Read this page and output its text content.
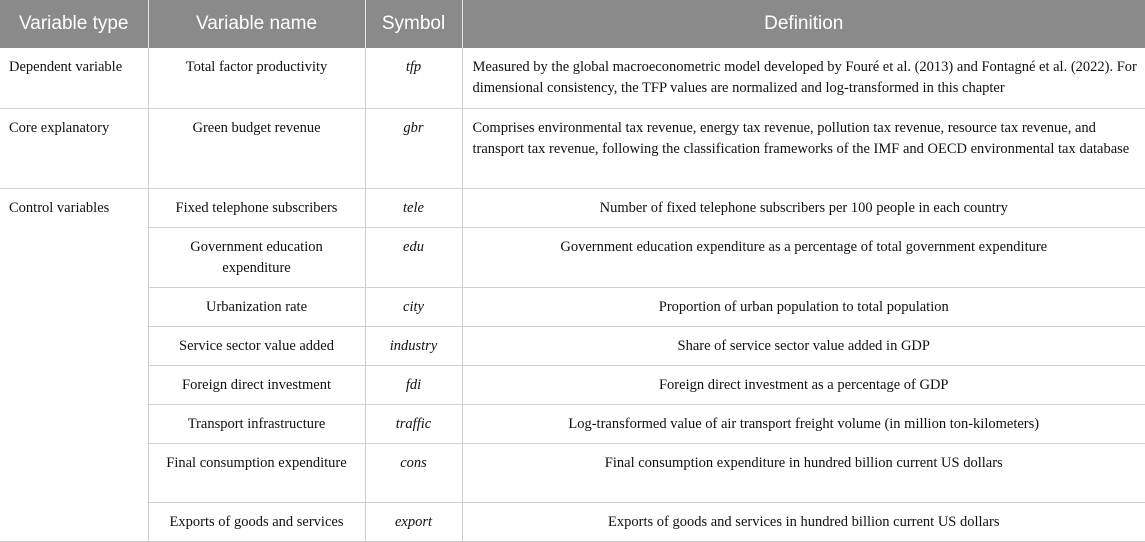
Variable type	Variable name	Symbol	Definition
Dependent variable	Total factor productivity	tfp	Measured by the global macroeconometric model developed by Fouré et al. (2013) and Fontagné et al. (2022). For dimensional consistency, the TFP values are normalized and log-transformed in this chapter
Core explanatory	Green budget revenue	gbr	Comprises environmental tax revenue, energy tax revenue, pollution tax revenue, resource tax revenue, and transport tax revenue, following the classification frameworks of the IMF and OECD environmental tax database
Control variables	Fixed telephone subscribers	tele	Number of fixed telephone subscribers per 100 people in each country
	Government education expenditure	edu	Government education expenditure as a percentage of total government expenditure
	Urbanization rate	city	Proportion of urban population to total population
	Service sector value added	industry	Share of service sector value added in GDP
	Foreign direct investment	fdi	Foreign direct investment as a percentage of GDP
	Transport infrastructure	traffic	Log-transformed value of air transport freight volume (in million ton-kilometers)
	Final consumption expenditure	cons	Final consumption expenditure in hundred billion current US dollars
	Exports of goods and services	export	Exports of goods and services in hundred billion current US dollars
